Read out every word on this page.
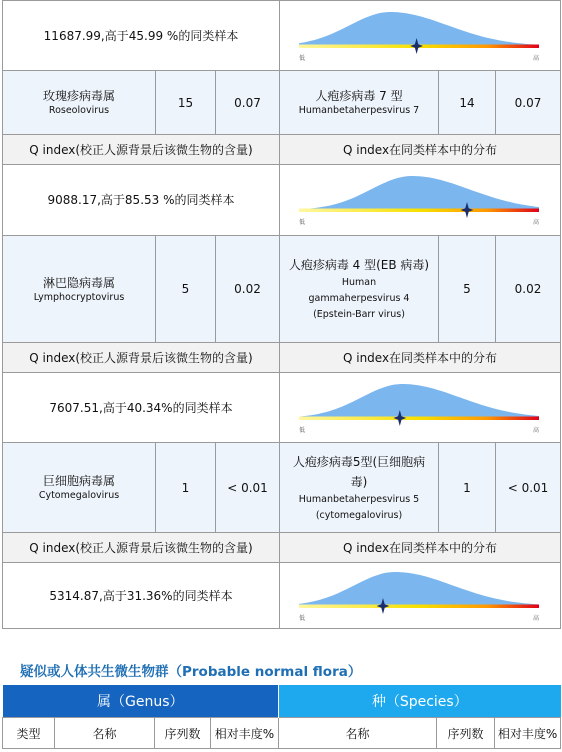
11687.99,高于45.99 %的同类样本			低 高		

玫瑰疹病毒属
Roseolovirus	15	0.07	人疱疹病毒 7 型
Humanbetaherpesvirus 7	14	0.07
Q index(校正人源背景后该微生物的含量)			Q index在同类样本中的分布		
9088.17,高于85.53 %的同类样本			低 高		

淋巴隐病毒属
Lymphocryptovirus	5	0.02	人疱疹病毒 4 型(EB 病毒)
Human
gammaherpesvirus 4
(Epstein-Barr virus)	5	0.02
Q index(校正人源背景后该微生物的含量)			Q index在同类样本中的分布		
7607.51,高于40.34%的同类样本			低 高		

巨细胞病毒属
Cytomegalovirus	1	< 0.01	人疱疹病毒5型(巨细胞病毒)
Humanbetaherpesvirus 5
(cytomegalovirus)	1	< 0.01
Q index(校正人源背景后该微生物的含量)			Q index在同类样本中的分布		
5314.87,高于31.36%的同类样本			低 高		
疑似或人体共生微生物群（Probable normal flora）
属（Genus）				种（Species）		
类型	名称	序列数	相对丰度%	名称	序列数	相对丰度%
